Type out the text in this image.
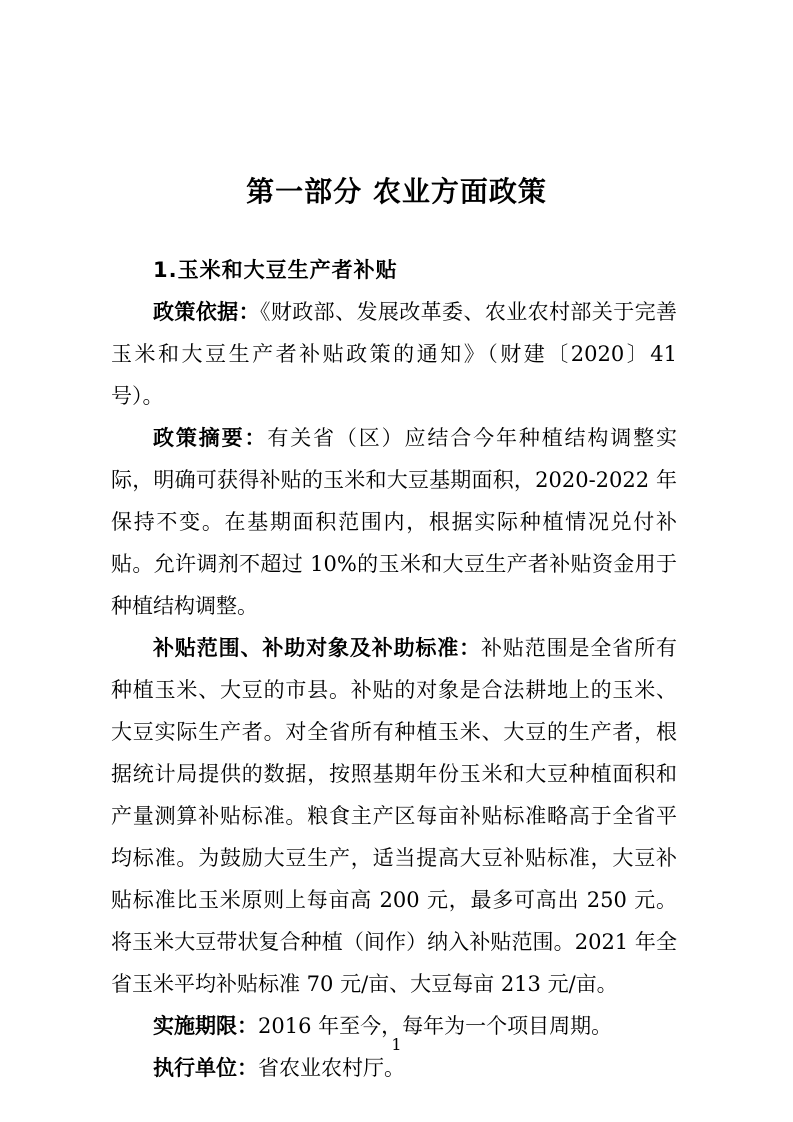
第一部分 农业方面政策

1.玉米和大豆生产者补贴

政策依据：《财政部、发展改革委、农业农村部关于完善玉米和大豆生产者补贴政策的通知》（财建〔2020〕41 号）。

政策摘要：有关省（区）应结合今年种植结构调整实际，明确可获得补贴的玉米和大豆基期面积，2020-2022 年保持不变。在基期面积范围内，根据实际种植情况兑付补贴。允许调剂不超过 10%的玉米和大豆生产者补贴资金用于种植结构调整。

补贴范围、补助对象及补助标准：补贴范围是全省所有种植玉米、大豆的市县。补贴的对象是合法耕地上的玉米、大豆实际生产者。对全省所有种植玉米、大豆的生产者，根据统计局提供的数据，按照基期年份玉米和大豆种植面积和产量测算补贴标准。粮食主产区每亩补贴标准略高于全省平均标准。为鼓励大豆生产，适当提高大豆补贴标准，大豆补贴标准比玉米原则上每亩高 200 元，最多可高出 250 元。将玉米大豆带状复合种植（间作）纳入补贴范围。2021 年全省玉米平均补贴标准 70 元/亩、大豆每亩 213 元/亩。

实施期限：2016 年至今，每年为一个项目周期。

执行单位：省农业农村厅。

1
